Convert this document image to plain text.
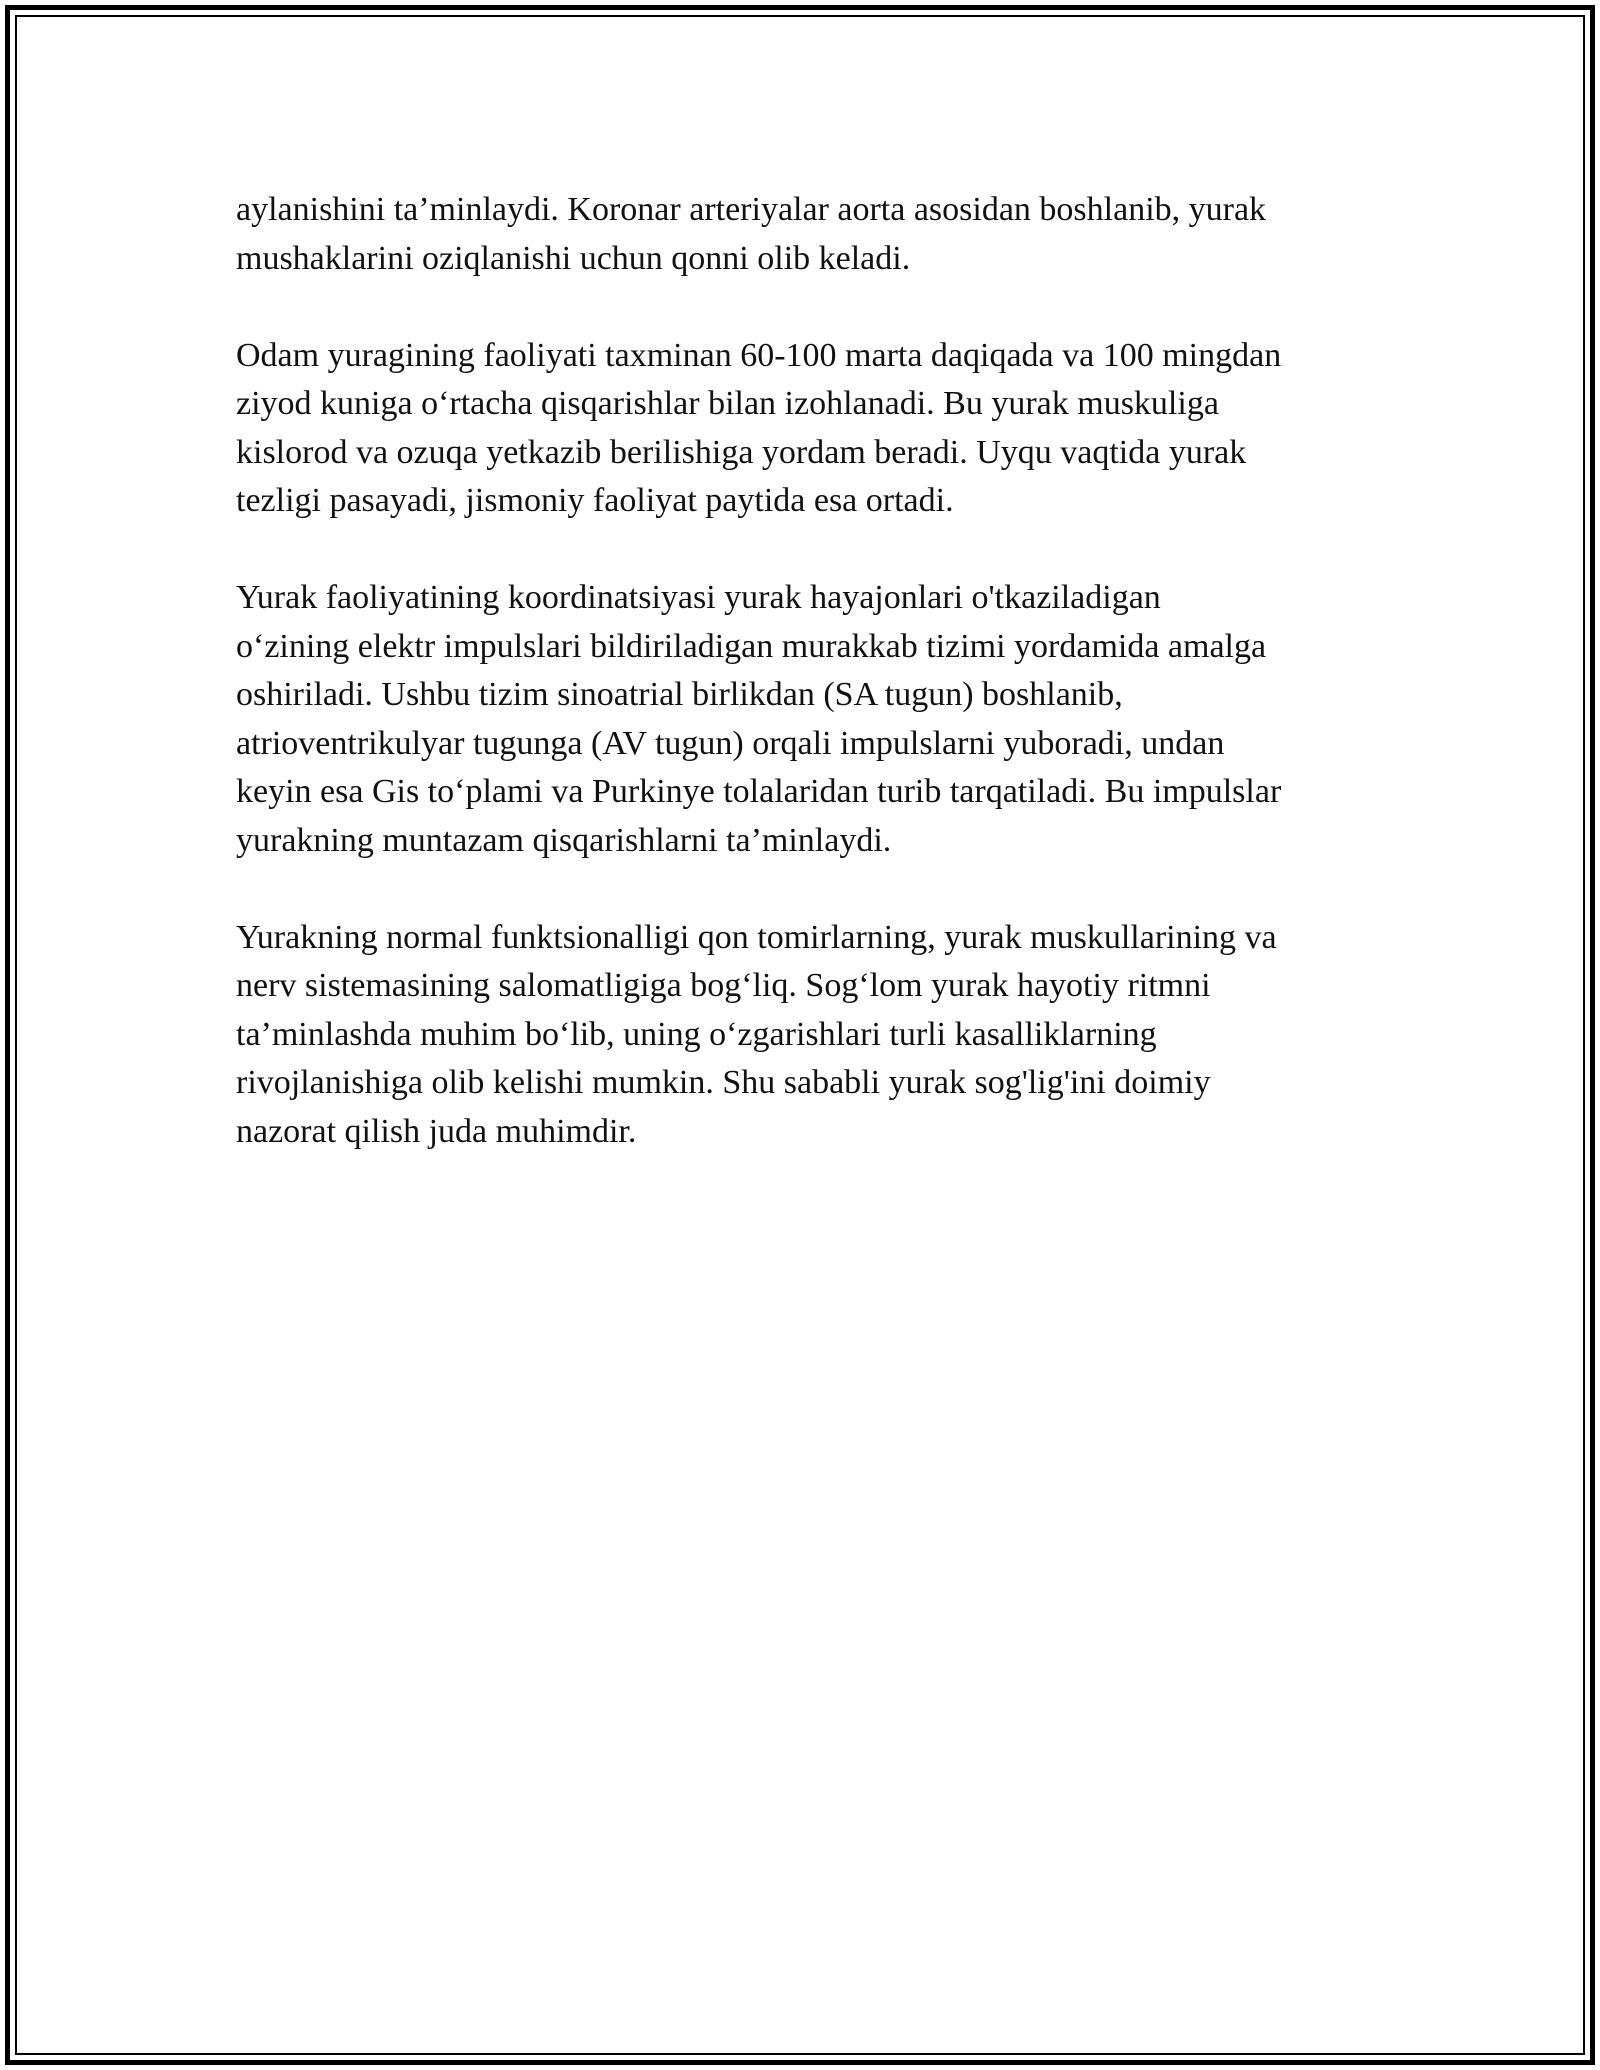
aylanishini ta’minlaydi. Koronar arteriyalar aorta asosidan boshlanib, yurak
mushaklarini oziqlanishi uchun qonni olib keladi.

Odam yuragining faoliyati taxminan 60-100 marta daqiqada va 100 mingdan
ziyod kuniga oʻrtacha qisqarishlar bilan izohlanadi. Bu yurak muskuliga
kislorod va ozuqa yetkazib berilishiga yordam beradi. Uyqu vaqtida yurak
tezligi pasayadi, jismoniy faoliyat paytida esa ortadi.

Yurak faoliyatining koordinatsiyasi yurak hayajonlari o'tkaziladigan
oʻzining elektr impulslari bildiriladigan murakkab tizimi yordamida amalga
oshiriladi. Ushbu tizim sinoatrial birlikdan (SA tugun) boshlanib,
atrioventrikulyar tugunga (AV tugun) orqali impulslarni yuboradi, undan
keyin esa Gis toʻplami va Purkinye tolalaridan turib tarqatiladi. Bu impulslar
yurakning muntazam qisqarishlarni ta’minlaydi.

Yurakning normal funktsionalligi qon tomirlarning, yurak muskullarining va
nerv sistemasining salomatligiga bogʻliq. Sogʻlom yurak hayotiy ritmni
ta’minlashda muhim boʻlib, uning oʻzgarishlari turli kasalliklarning
rivojlanishiga olib kelishi mumkin. Shu sababli yurak sog'lig'ini doimiy
nazorat qilish juda muhimdir.
